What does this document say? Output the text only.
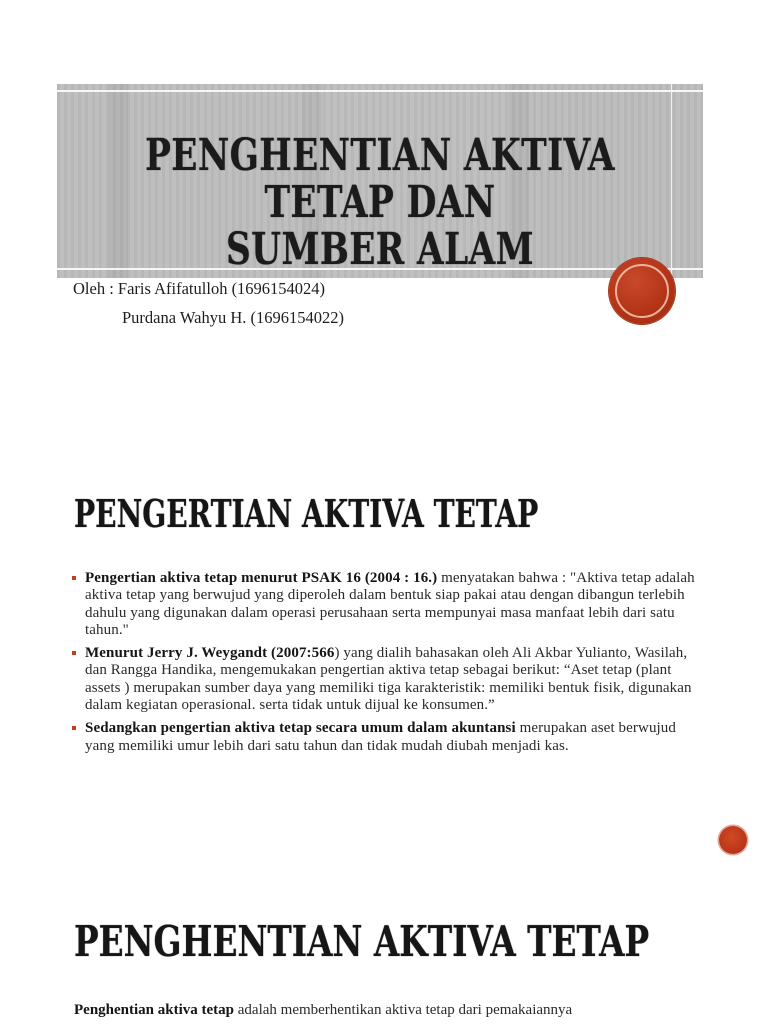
PENGHENTIAN AKTIVA TETAP DAN
SUMBER ALAM
Oleh : Faris Afifatulloh (1696154024)
Purdana Wahyu H. (1696154022)
PENGERTIAN AKTIVA TETAP
Pengertian aktiva tetap menurut PSAK 16 (2004 : 16.) menyatakan bahwa : "Aktiva tetap adalah aktiva tetap yang berwujud yang diperoleh dalam bentuk siap pakai atau dengan dibangun terlebih dahulu yang digunakan dalam operasi perusahaan serta mempunyai masa manfaat lebih dari satu tahun."
Menurut Jerry J. Weygandt (2007:566) yang dialih bahasakan oleh Ali Akbar Yulianto, Wasilah, dan Rangga Handika, mengemukakan pengertian aktiva tetap sebagai berikut: “Aset tetap (plant assets ) merupakan sumber daya yang memiliki tiga karakteristik: memiliki bentuk fisik, digunakan dalam kegiatan operasional. serta tidak untuk dijual ke konsumen.”
Sedangkan pengertian aktiva tetap secara umum dalam akuntansi merupakan aset berwujud yang memiliki umur lebih dari satu tahun dan tidak mudah diubah menjadi kas.
PENGHENTIAN AKTIVA TETAP
Penghentian aktiva tetap adalah memberhentikan aktiva tetap dari pemakaiannya
